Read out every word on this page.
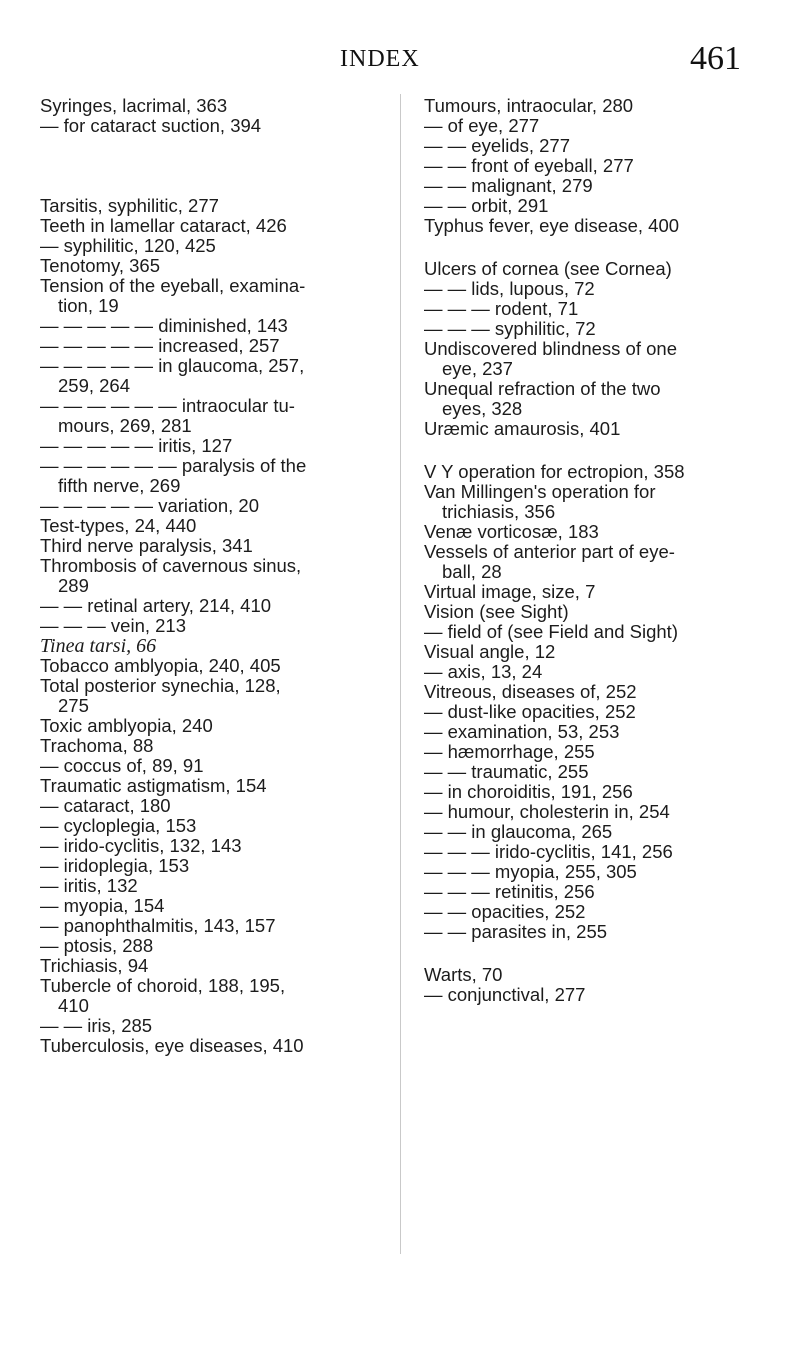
INDEX	461
Syringes, lacrimal, 363
— for cataract suction, 394
Tarsitis, syphilitic, 277
Teeth in lamellar cataract, 426
— syphilitic, 120, 425
Tenotomy, 365
Tension of the eyeball, examina-
tion, 19
— — — — — diminished, 143
— — — — — increased, 257
— — — — — in glaucoma, 257,
259, 264
— — — — — — intraocular tu-
mours, 269, 281
— — — — — iritis, 127
— — — — — — paralysis of the
fifth nerve, 269
— — — — — variation, 20
Test-types, 24, 440
Third nerve paralysis, 341
Thrombosis of cavernous sinus,
289
— — retinal artery, 214, 410
— — — vein, 213
Tinea tarsi, 66
Tobacco amblyopia, 240, 405
Total posterior synechia, 128,
275
Toxic amblyopia, 240
Trachoma, 88
— coccus of, 89, 91
Traumatic astigmatism, 154
— cataract, 180
— cycloplegia, 153
— irido-cyclitis, 132, 143
— iridoplegia, 153
— iritis, 132
— myopia, 154
— panophthalmitis, 143, 157
— ptosis, 288
Trichiasis, 94
Tubercle of choroid, 188, 195,
410
— — iris, 285
Tuberculosis, eye diseases, 410
Tumours, intraocular, 280
— of eye, 277
— — eyelids, 277
— — front of eyeball, 277
— — malignant, 279
— — orbit, 291
Typhus fever, eye disease, 400
Ulcers of cornea (see Cornea)
— — lids, lupous, 72
— — — rodent, 71
— — — syphilitic, 72
Undiscovered blindness of one
eye, 237
Unequal refraction of the two
eyes, 328
Uræmic amaurosis, 401
V Y operation for ectropion, 358
Van Millingen's operation for
trichiasis, 356
Venæ vorticosæ, 183
Vessels of anterior part of eye-
ball, 28
Virtual image, size, 7
Vision (see Sight)
— field of (see Field and Sight)
Visual angle, 12
— axis, 13, 24
Vitreous, diseases of, 252
— dust-like opacities, 252
— examination, 53, 253
— hæmorrhage, 255
— — traumatic, 255
— in choroiditis, 191, 256
— humour, cholesterin in, 254
— — in glaucoma, 265
— — — irido-cyclitis, 141, 256
— — — myopia, 255, 305
— — — retinitis, 256
— — opacities, 252
— — parasites in, 255
Warts, 70
— conjunctival, 277
